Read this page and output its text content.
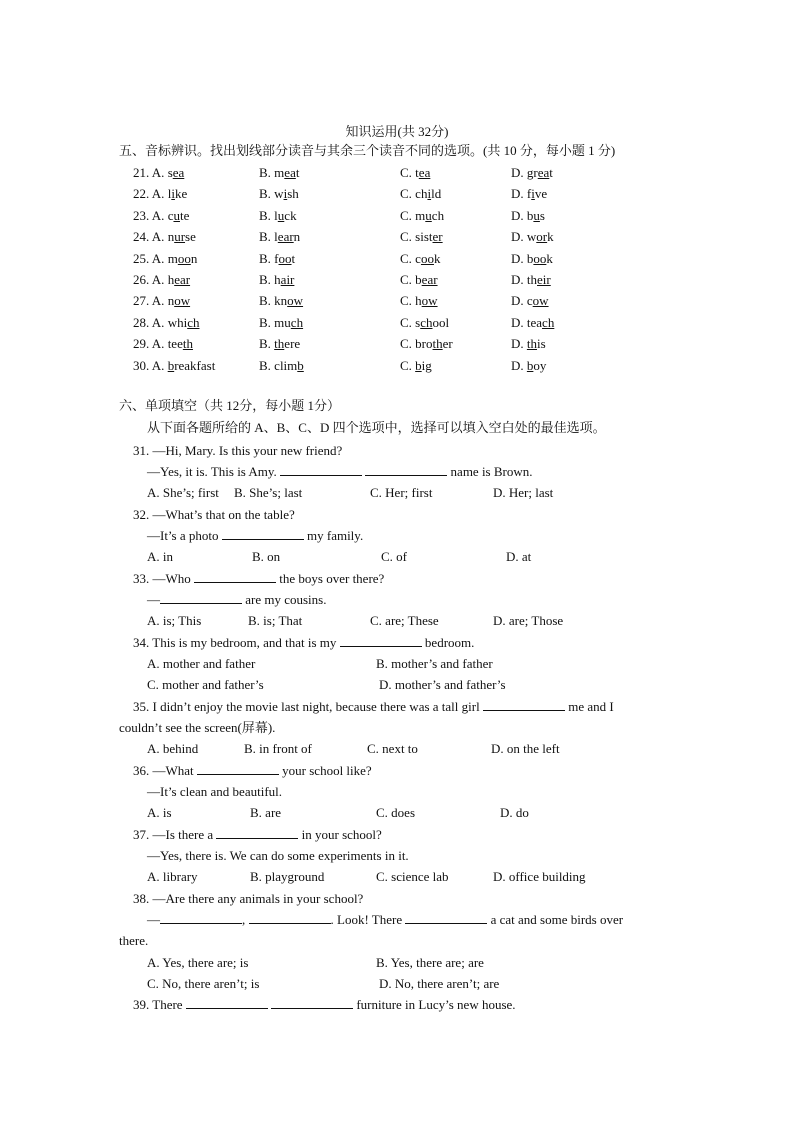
知识运用(共 32分)
五、音标辨识。找出划线部分读音与其余三个读音不同的选项。(共 10 分，每小题 1 分)
21. A. sea	B. meat	C. tea	D. great
22. A. like	B. wish	C. child	D. five
23. A. cute	B. luck	C. much	D. bus
24. A. nurse	B. learn	C. sister	D. work
25. A. moon	B. foot	C. cook	D. book
26. A. hear	B. hair	C. bear	D. their
27. A. now	B. know	C. how	D. cow
28. A. which	B. much	C. school	D. teach
29. A. teeth	B. there	C. brother	D. this
30. A. breakfast	B. climb	C. big	D. boy
六、单项填空（共 12分，每小题 1分）
从下面各题所给的 A、B、C、D 四个选项中，选择可以填入空白处的最佳选项。
31. —Hi, Mary. Is this your new friend?
—Yes, it is. This is Amy.	name is Brown.
A. She’s; first B. She’s; last	C. Her; first	D. Her; last
32. —What’s that on the table?
—It’s a photo	my family.
A. in	B. on	C. of	D. at
33. —Who	the boys over there?
—	are my cousins.
A. is; This	B. is; That	C. are; These	D. are; Those
34. This is my bedroom, and that is my	bedroom.
A. mother and father	B. mother’s and father
C. mother and father’s	D. mother’s and father’s
35. I didn’t enjoy the movie last night, because there was a tall girl	me and I
couldn’t see the screen(屏幕).
A. behind	B. in front of	C. next to	D. on the left
36. —What	your school like?
—It’s clean and beautiful.
A. is	B. are	C. does	D. do
37. —Is there a	in your school?
—Yes, there is. We can do some experiments in it.
A. library	B. playground	C. science lab	D. office building
38. —Are there any animals in your school?
—	,	. Look! There	a cat and some birds over
there.
A. Yes, there are; is	B. Yes, there are; are
C. No, there aren’t; is	D. No, there aren’t; are
39. There	furniture in Lucy’s new house.
